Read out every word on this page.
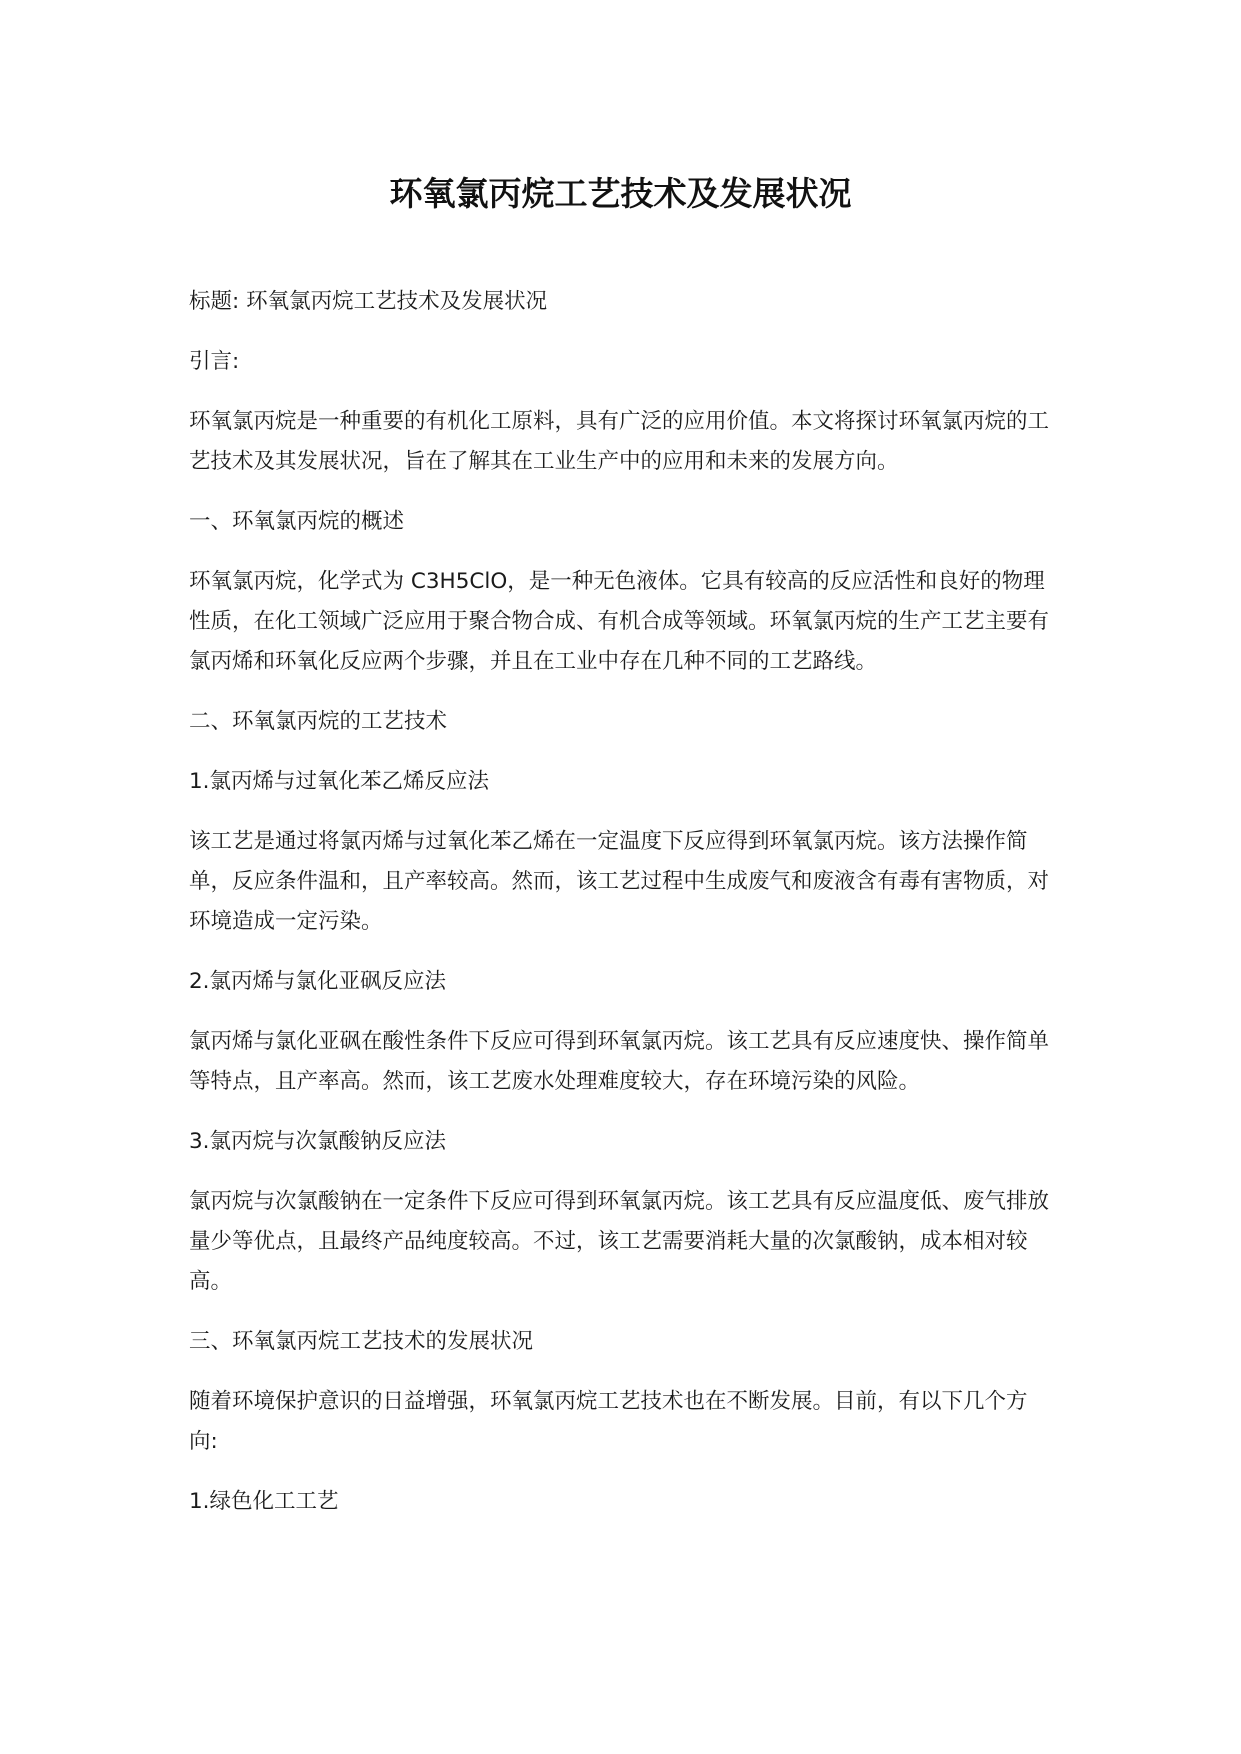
环氧氯丙烷工艺技术及发展状况

标题: 环氧氯丙烷工艺技术及发展状况

引言:

环氧氯丙烷是一种重要的有机化工原料，具有广泛的应用价值。本文将探讨环氧氯丙烷的工艺技术及其发展状况，旨在了解其在工业生产中的应用和未来的发展方向。

一、环氧氯丙烷的概述

环氧氯丙烷，化学式为 C3H5ClO，是一种无色液体。它具有较高的反应活性和良好的物理性质，在化工领域广泛应用于聚合物合成、有机合成等领域。环氧氯丙烷的生产工艺主要有氯丙烯和环氧化反应两个步骤，并且在工业中存在几种不同的工艺路线。

二、环氧氯丙烷的工艺技术

1.氯丙烯与过氧化苯乙烯反应法

该工艺是通过将氯丙烯与过氧化苯乙烯在一定温度下反应得到环氧氯丙烷。该方法操作简单，反应条件温和，且产率较高。然而，该工艺过程中生成废气和废液含有毒有害物质，对环境造成一定污染。

2.氯丙烯与氯化亚砜反应法

氯丙烯与氯化亚砜在酸性条件下反应可得到环氧氯丙烷。该工艺具有反应速度快、操作简单等特点，且产率高。然而，该工艺废水处理难度较大，存在环境污染的风险。

3.氯丙烷与次氯酸钠反应法

氯丙烷与次氯酸钠在一定条件下反应可得到环氧氯丙烷。该工艺具有反应温度低、废气排放量少等优点，且最终产品纯度较高。不过，该工艺需要消耗大量的次氯酸钠，成本相对较高。

三、环氧氯丙烷工艺技术的发展状况

随着环境保护意识的日益增强，环氧氯丙烷工艺技术也在不断发展。目前，有以下几个方向:

1.绿色化工工艺
